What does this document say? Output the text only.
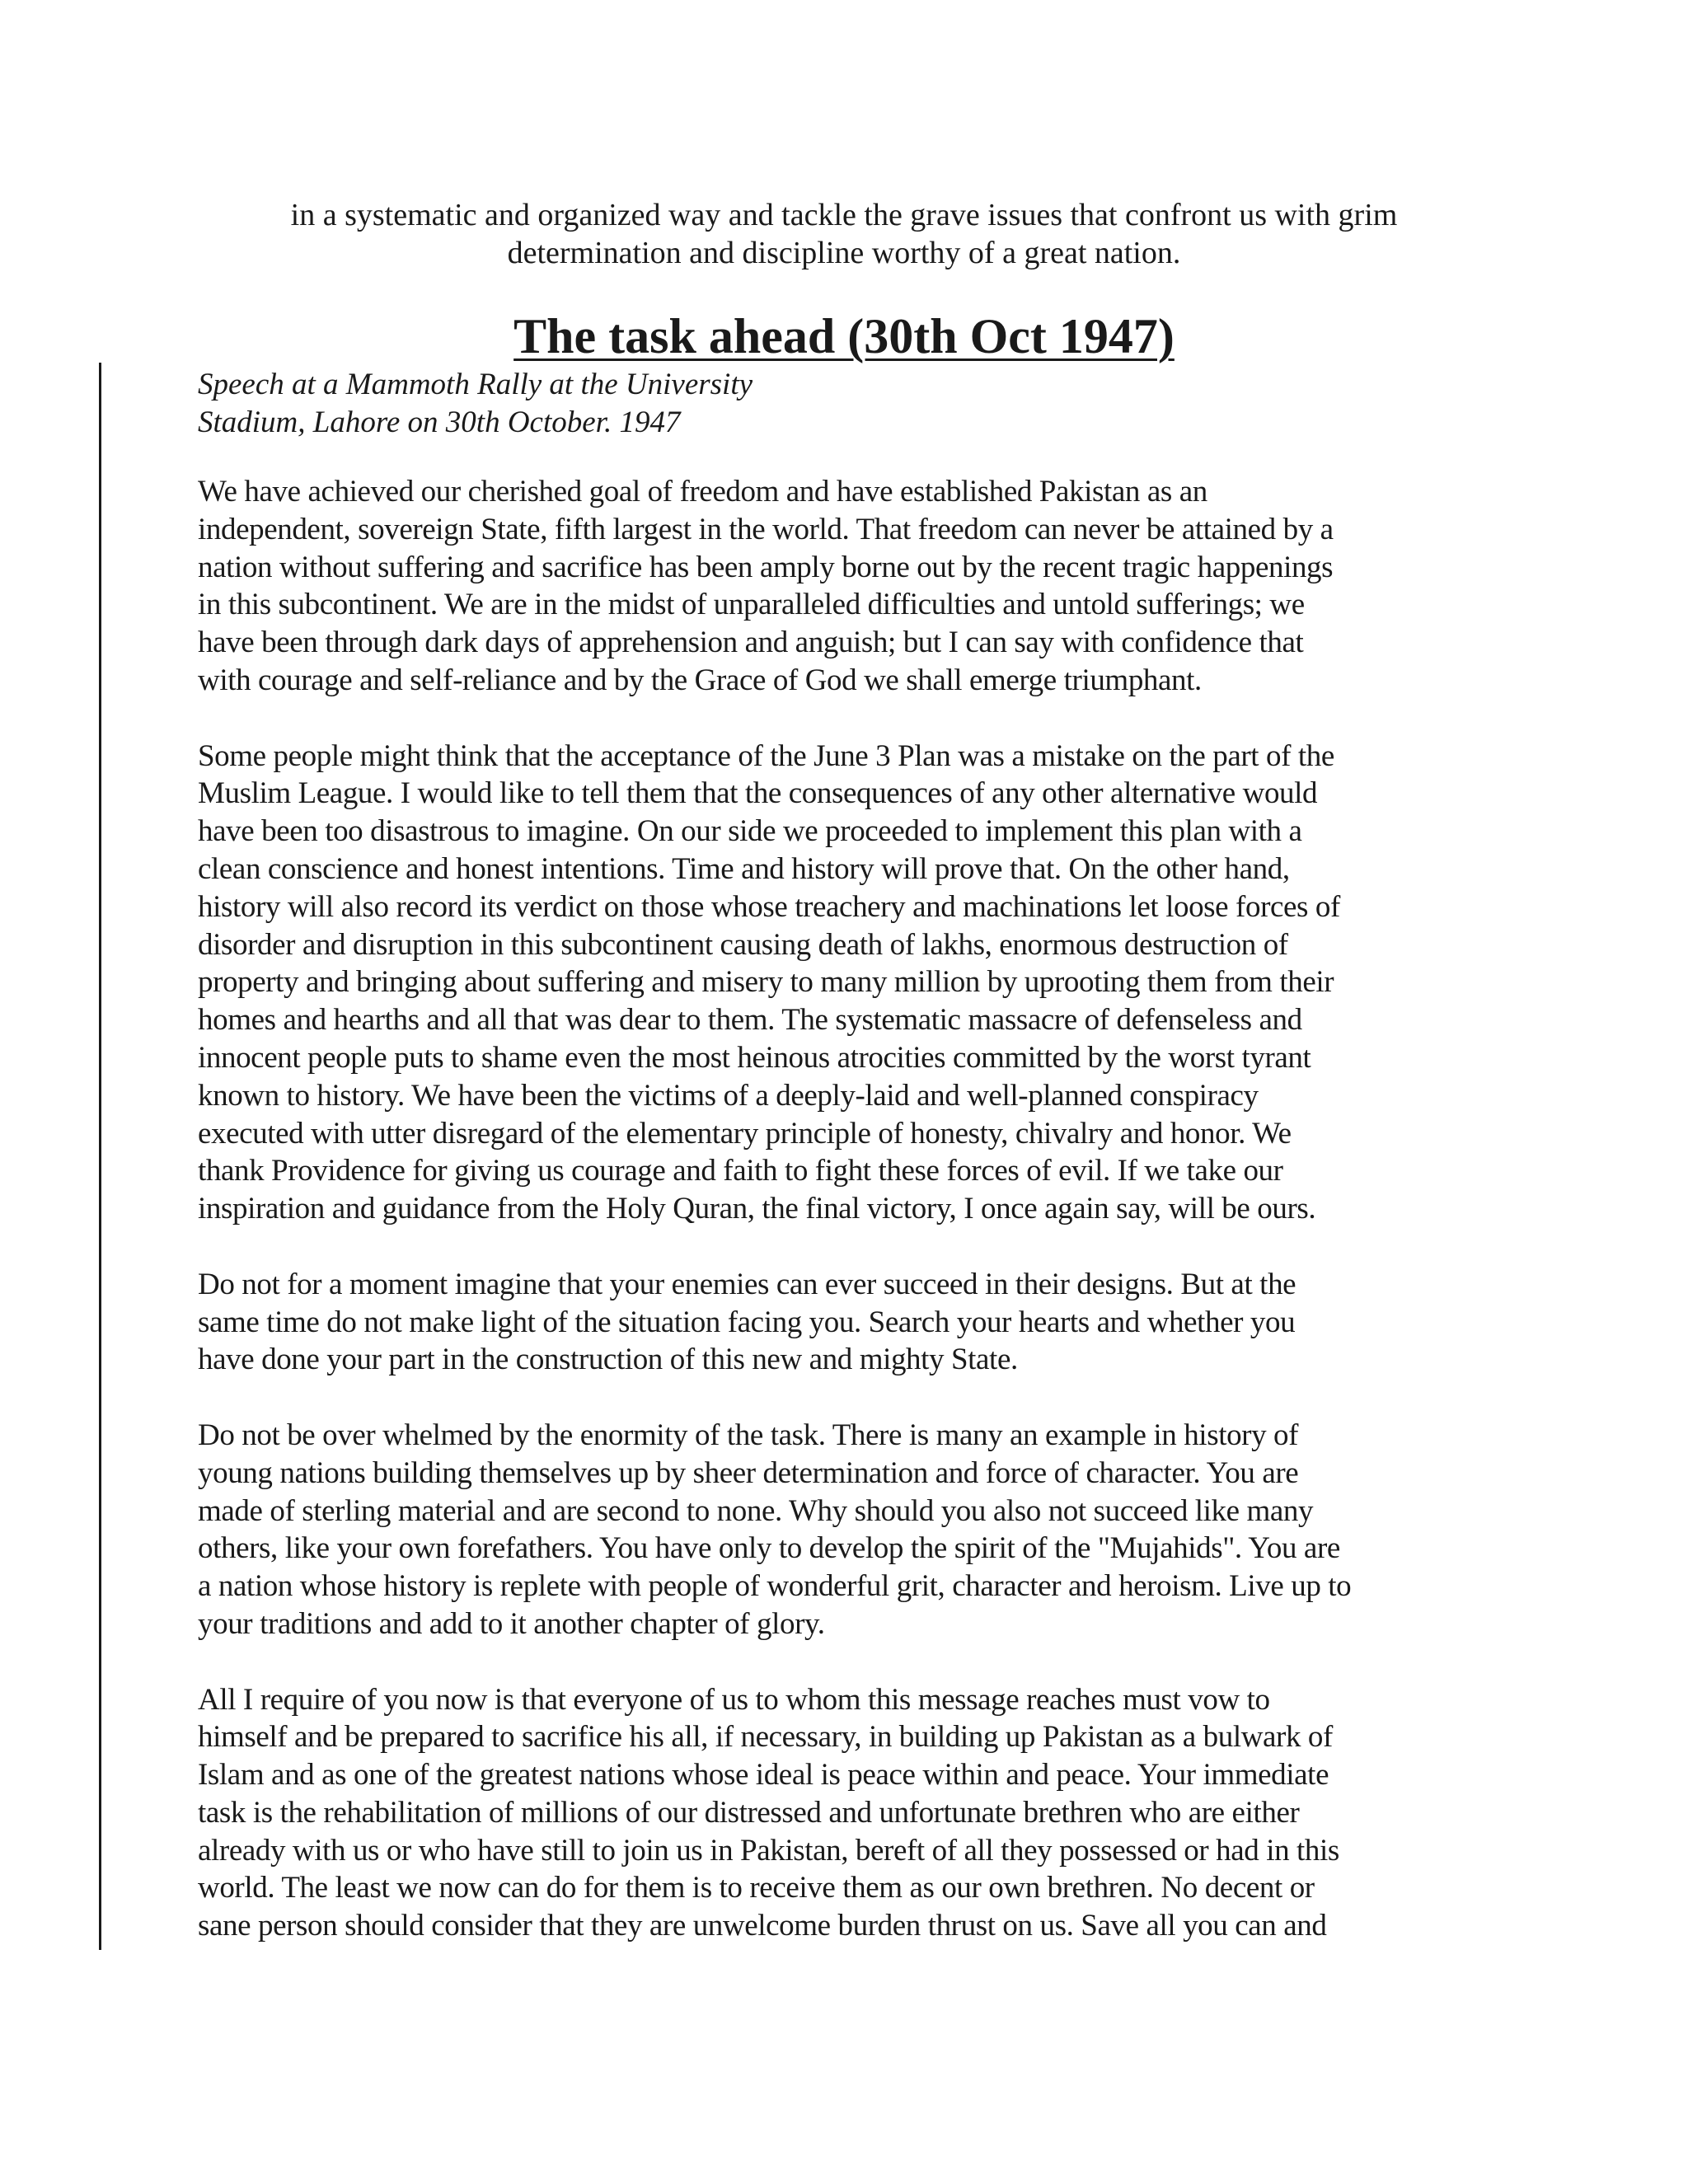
in a systematic and organized way and tackle the grave issues that confront us with grim
determination and discipline worthy of a great nation.
The task ahead (30th Oct 1947)
Speech at a Mammoth Rally at the University
Stadium, Lahore on 30th October. 1947

We have achieved our cherished goal of freedom and have established Pakistan as an
independent, sovereign State, fifth largest in the world. That freedom can never be attained by a
nation without suffering and sacrifice has been amply borne out by the recent tragic happenings
in this subcontinent. We are in the midst of unparalleled difficulties and untold sufferings; we
have been through dark days of apprehension and anguish; but I can say with confidence that
with courage and self-reliance and by the Grace of God we shall emerge triumphant.

Some people might think that the acceptance of the June 3 Plan was a mistake on the part of the
Muslim League. I would like to tell them that the consequences of any other alternative would
have been too disastrous to imagine. On our side we proceeded to implement this plan with a
clean conscience and honest intentions. Time and history will prove that. On the other hand,
history will also record its verdict on those whose treachery and machinations let loose forces of
disorder and disruption in this subcontinent causing death of lakhs, enormous destruction of
property and bringing about suffering and misery to many million by uprooting them from their
homes and hearths and all that was dear to them. The systematic massacre of defenseless and
innocent people puts to shame even the most heinous atrocities committed by the worst tyrant
known to history. We have been the victims of a deeply-laid and well-planned conspiracy
executed with utter disregard of the elementary principle of honesty, chivalry and honor. We
thank Providence for giving us courage and faith to fight these forces of evil. If we take our
inspiration and guidance from the Holy Quran, the final victory, I once again say, will be ours.

Do not for a moment imagine that your enemies can ever succeed in their designs. But at the
same time do not make light of the situation facing you. Search your hearts and whether you
have done your part in the construction of this new and mighty State.

Do not be over whelmed by the enormity of the task. There is many an example in history of
young nations building themselves up by sheer determination and force of character. You are
made of sterling material and are second to none. Why should you also not succeed like many
others, like your own forefathers. You have only to develop the spirit of the "Mujahids". You are
a nation whose history is replete with people of wonderful grit, character and heroism. Live up to
your traditions and add to it another chapter of glory.

All I require of you now is that everyone of us to whom this message reaches must vow to
himself and be prepared to sacrifice his all, if necessary, in building up Pakistan as a bulwark of
Islam and as one of the greatest nations whose ideal is peace within and peace. Your immediate
task is the rehabilitation of millions of our distressed and unfortunate brethren who are either
already with us or who have still to join us in Pakistan, bereft of all they possessed or had in this
world. The least we now can do for them is to receive them as our own brethren. No decent or
sane person should consider that they are unwelcome burden thrust on us. Save all you can and
